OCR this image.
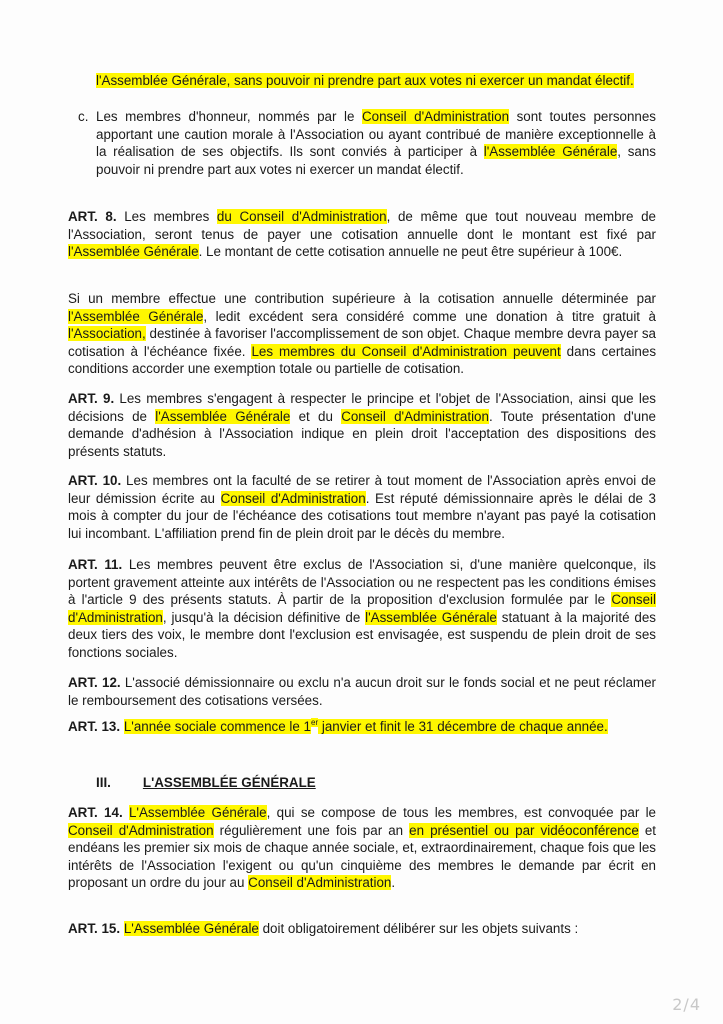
l'Assemblée Générale, sans pouvoir ni prendre part aux votes ni exercer un mandat électif.

c. Les membres d'honneur, nommés par le Conseil d'Administration sont toutes personnes apportant une caution morale à l'Association ou ayant contribué de manière exceptionnelle à la réalisation de ses objectifs. Ils sont conviés à participer à l'Assemblée Générale, sans pouvoir ni prendre part aux votes ni exercer un mandat électif.

ART. 8. Les membres du Conseil d'Administration, de même que tout nouveau membre de l'Association, seront tenus de payer une cotisation annuelle dont le montant est fixé par l'Assemblée Générale. Le montant de cette cotisation annuelle ne peut être supérieur à 100€.

Si un membre effectue une contribution supérieure à la cotisation annuelle déterminée par l'Assemblée Générale, ledit excédent sera considéré comme une donation à titre gratuit à l'Association, destinée à favoriser l'accomplissement de son objet. Chaque membre devra payer sa cotisation à l'échéance fixée. Les membres du Conseil d'Administration peuvent dans certaines conditions accorder une exemption totale ou partielle de cotisation.

ART. 9. Les membres s'engagent à respecter le principe et l'objet de l'Association, ainsi que les décisions de l'Assemblée Générale et du Conseil d'Administration. Toute présentation d'une demande d'adhésion à l'Association indique en plein droit l'acceptation des dispositions des présents statuts.

ART. 10. Les membres ont la faculté de se retirer à tout moment de l'Association après envoi de leur démission écrite au Conseil d'Administration. Est réputé démissionnaire après le délai de 3 mois à compter du jour de l'échéance des cotisations tout membre n'ayant pas payé la cotisation lui incombant. L'affiliation prend fin de plein droit par le décès du membre.

ART. 11. Les membres peuvent être exclus de l'Association si, d'une manière quelconque, ils portent gravement atteinte aux intérêts de l'Association ou ne respectent pas les conditions émises à l'article 9 des présents statuts. À partir de la proposition d'exclusion formulée par le Conseil d'Administration, jusqu'à la décision définitive de l'Assemblée Générale statuant à la majorité des deux tiers des voix, le membre dont l'exclusion est envisagée, est suspendu de plein droit de ses fonctions sociales.

ART. 12. L'associé démissionnaire ou exclu n'a aucun droit sur le fonds social et ne peut réclamer le remboursement des cotisations versées.

ART. 13. L'année sociale commence le 1er janvier et finit le 31 décembre de chaque année.

III. L'ASSEMBLÉE GÉNÉRALE

ART. 14. L'Assemblée Générale, qui se compose de tous les membres, est convoquée par le Conseil d'Administration régulièrement une fois par an en présentiel ou par vidéoconférence et endéans les premier six mois de chaque année sociale, et, extraordinairement, chaque fois que les intérêts de l'Association l'exigent ou qu'un cinquième des membres le demande par écrit en proposant un ordre du jour au Conseil d'Administration.

ART. 15. L'Assemblée Générale doit obligatoirement délibérer sur les objets suivants :

2/4
